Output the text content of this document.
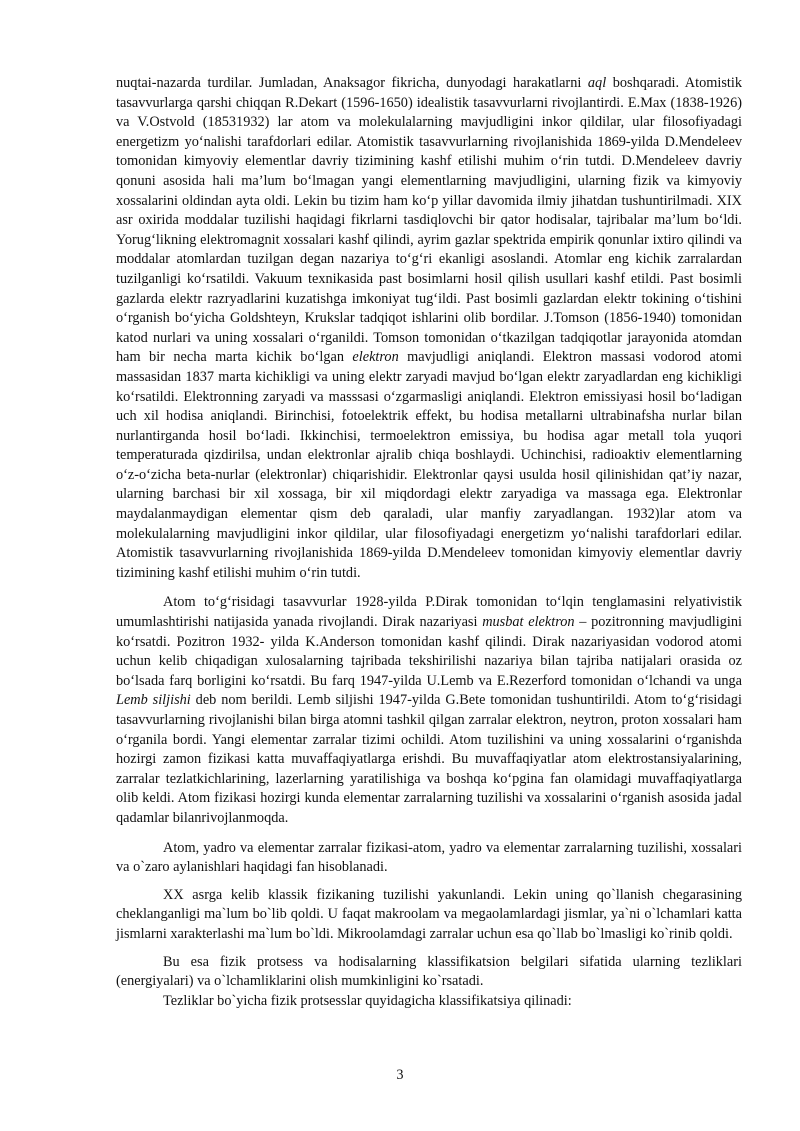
nuqtai-nazarda turdilar. Jumladan, Anaksagor fikricha, dunyodagi harakatlarni aql boshqaradi. Atomistik tasavvurlarga qarshi chiqqan R.Dekart (1596-1650) idealistik tasavvurlarni rivojlantirdi. E.Max (1838-1926) va V.Ostvold (18531932) lar atom va molekulalarning mavjudligini inkor qildilar, ular filosofiyadagi energetizm yo‘nalishi tarafdorlari edilar. Atomistik tasavvurlarning rivojlanishida 1869-yilda D.Mendeleev tomonidan kimyoviy elementlar davriy tizimining kashf etilishi muhim o‘rin tutdi. D.Mendeleev davriy qonuni asosida hali ma’lum bo‘lmagan yangi elementlarning mavjudligini, ularning fizik va kimyoviy xossalarini oldindan ayta oldi. Lekin bu tizim ham ko‘p yillar davomida ilmiy jihatdan tushuntirilmadi. XIX asr oxirida moddalar tuzilishi haqidagi fikrlarni tasdiqlovchi bir qator hodisalar, tajribalar ma’lum bo‘ldi. Yorug‘likning elektromagnit xossalari kashf qilindi, ayrim gazlar spektrida empirik qonunlar ixtiro qilindi va moddalar atomlardan tuzilgan degan nazariya to‘g‘ri ekanligi asoslandi. Atomlar eng kichik zarralardan tuzilganligi ko‘rsatildi. Vakuum texnikasida past bosimlarni hosil qilish usullari kashf etildi. Past bosimli gazlarda elektr razryadlarini kuzatishga imkoniyat tug‘ildi. Past bosimli gazlardan elektr tokining o‘tishini o‘rganish bo‘yicha Goldshteyn, Krukslar tadqiqot ishlarini olib bordilar. J.Tomson (1856-1940) tomonidan katod nurlari va uning xossalari o‘rganildi. Tomson tomonidan o‘tkazilgan tadqiqotlar jarayonida atomdan ham bir necha marta kichik bo‘lgan elektron mavjudligi aniqlandi. Elektron massasi vodorod atomi massasidan 1837 marta kichikligi va uning elektr zaryadi mavjud bo‘lgan elektr zaryadlardan eng kichikligi ko‘rsatildi. Elektronning zaryadi va masssasi o‘zgarmasligi aniqlandi. Elektron emissiyasi hosil bo‘ladigan uch xil hodisa aniqlandi. Birinchisi, fotoelektrik effekt, bu hodisa metallarni ultrabinafsha nurlar bilan nurlantirganda hosil bo‘ladi. Ikkinchisi, termoelektron emissiya, bu hodisa agar metall tola yuqori temperaturada qizdirilsa, undan elektronlar ajralib chiqa boshlaydi. Uchinchisi, radioaktiv elementlarning o‘z-o‘zicha beta-nurlar (elektronlar) chiqarishidir. Elektronlar qaysi usulda hosil qilinishidan qat’iy nazar, ularning barchasi bir xil xossaga, bir xil miqdordagi elektr zaryadiga va massaga ega. Elektronlar maydalanmaydigan elementar qism deb qaraladi, ular manfiy zaryadlangan. 1932)lar atom va molekulalarning mavjudligini inkor qildilar, ular filosofiyadagi energetizm yo‘nalishi tarafdorlari edilar. Atomistik tasavvurlarning rivojlanishida 1869-yilda D.Mendeleev tomonidan kimyoviy elementlar davriy tizimining kashf etilishi muhim o‘rin tutdi.

Atom to‘g‘risidagi tasavvurlar 1928-yilda P.Dirak tomonidan to‘lqin tenglamasini relyativistik umumlashtirishi natijasida yanada rivojlandi. Dirak nazariyasi musbat elektron – pozitronning mavjudligini ko‘rsatdi. Pozitron 1932- yilda K.Anderson tomonidan kashf qilindi. Dirak nazariyasidan vodorod atomi uchun kelib chiqadigan xulosalarning tajribada tekshirilishi nazariya bilan tajriba natijalari orasida oz bo‘lsada farq borligini ko‘rsatdi. Bu farq 1947-yilda U.Lemb va E.Rezerford tomonidan o‘lchandi va unga Lemb siljishi deb nom berildi. Lemb siljishi 1947-yilda G.Bete tomonidan tushuntirildi. Atom to‘g‘risidagi tasavvurlarning rivojlanishi bilan birga atomni tashkil qilgan zarralar elektron, neytron, proton xossalari ham o‘rganila bordi. Yangi elementar zarralar tizimi ochildi. Atom tuzilishini va uning xossalarini o‘rganishda hozirgi zamon fizikasi katta muvaffaqiyatlarga erishdi. Bu muvaffaqiyatlar atom elektrostansiyalarining, zarralar tezlatkichlarining, lazerlarning yaratilishiga va boshqa ko‘pgina fan olamidagi muvaffaqiyatlarga olib keldi. Atom fizikasi hozirgi kunda elementar zarralarning tuzilishi va xossalarini o‘rganish asosida jadal qadamlar bilanrivojlanmoqda.

Atom, yadro va elementar zarralar fizikasi-atom, yadro va elementar zarralarning tuzilishi, xossalari va o`zaro aylanishlari haqidagi fan hisoblanadi.

XX asrga kelib klassik fizikaning tuzilishi yakunlandi. Lekin uning qo`llanish chegarasining cheklanganligi ma`lum bo`lib qoldi. U faqat makroolam va megaolamlardagi jismlar, ya`ni o`lchamlari katta jismlarni xarakterlashi ma`lum bo`ldi. Mikroolamdagi zarralar uchun esa qo`llab bo`lmasligi ko`rinib qoldi.

Bu esa fizik protsess va hodisalarning klassifikatsion belgilari sifatida ularning tezliklari (energiyalari) va o`lchamliklarini olish mumkinligini ko`rsatadi.

Tezliklar bo`yicha fizik protsesslar quyidagicha klassifikatsiya qilinadi:

3
